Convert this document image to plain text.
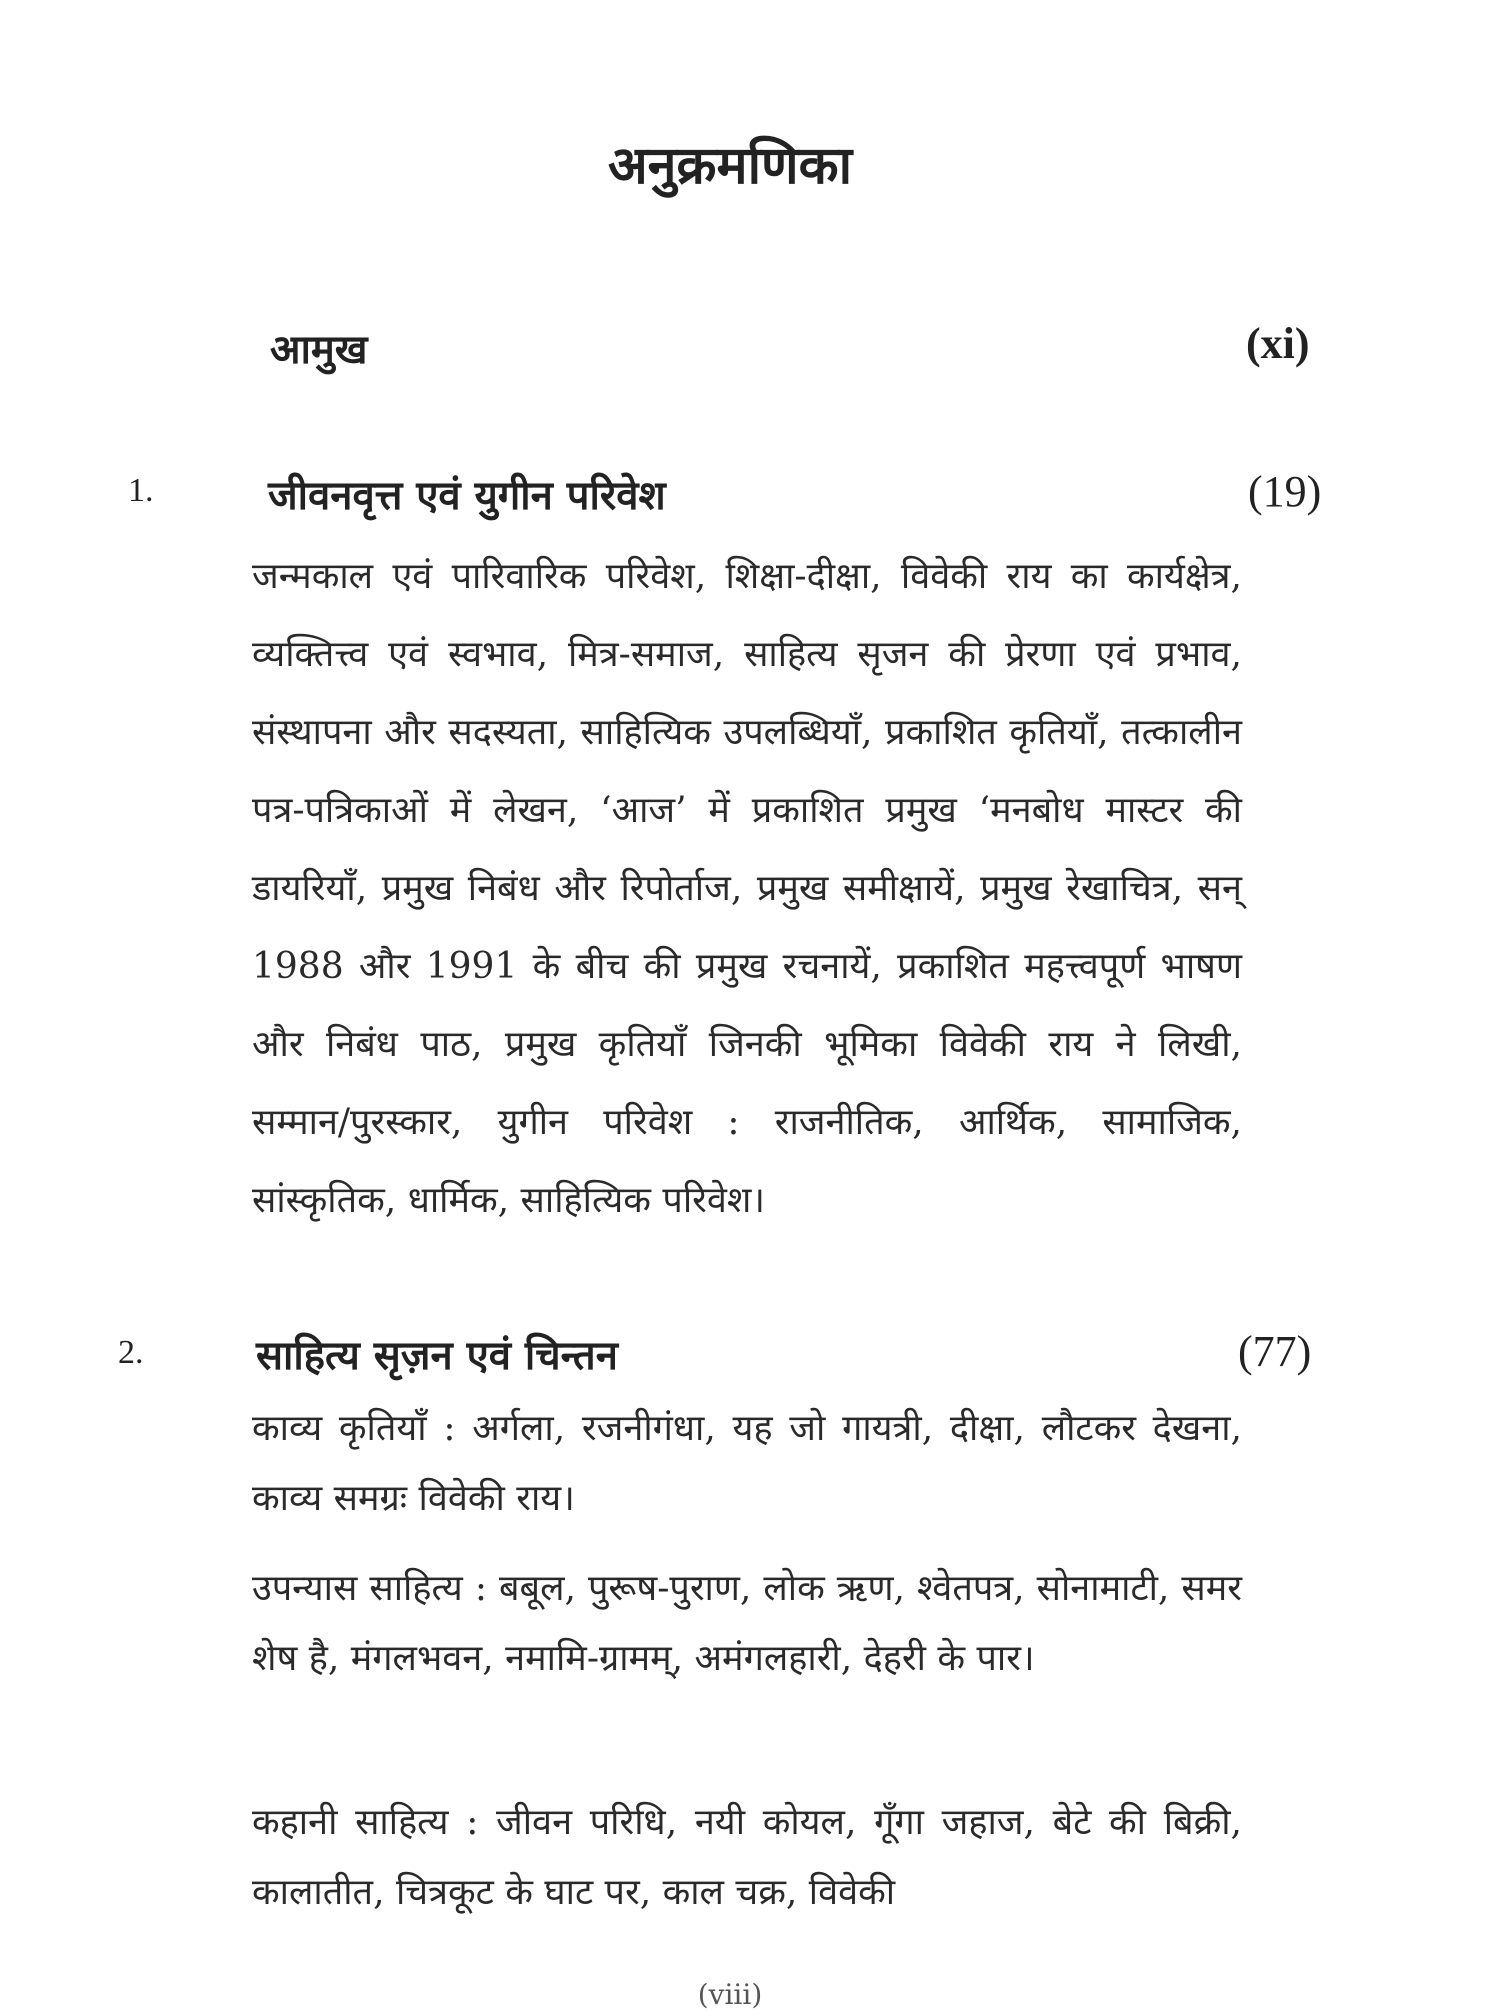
अनुक्रमणिका
आमुख	(xi)
1.	जीवनवृत्त एवं युगीन परिवेश	(19)
जन्मकाल एवं पारिवारिक परिवेश, शिक्षा-दीक्षा, विवेकी राय का कार्यक्षेत्र, व्यक्तित्त्व एवं स्वभाव, मित्र-समाज, साहित्य सृजन की प्रेरणा एवं प्रभाव, संस्थापना और सदस्यता, साहित्यिक उपलब्धियाँ, प्रकाशित कृतियाँ, तत्कालीन पत्र-पत्रिकाओं में लेखन, ‘आज’ में प्रकाशित प्रमुख ‘मनबोध मास्टर की डायरियाँ, प्रमुख निबंध और रिपोर्ताज, प्रमुख समीक्षायें, प्रमुख रेखाचित्र, सन् 1988 और 1991 के बीच की प्रमुख रचनायें, प्रकाशित महत्त्वपूर्ण भाषण और निबंध पाठ, प्रमुख कृतियाँ जिनकी भूमिका विवेकी राय ने लिखी, सम्मान/पुरस्कार, युगीन परिवेश : राजनीतिक, आर्थिक, सामाजिक, सांस्कृतिक, धार्मिक, साहित्यिक परिवेश।
2.	साहित्य सृज़न एवं चिन्तन	(77)
काव्य कृतियाँ : अर्गला, रजनीगंधा, यह जो गायत्री, दीक्षा, लौटकर देखना, काव्य समग्रः विवेकी राय।
उपन्यास साहित्य : बबूल, पुरूष-पुराण, लोक ऋण, श्वेतपत्र, सोनामाटी, समर शेष है, मंगलभवन, नमामि-ग्रामम्, अमंगलहारी, देहरी के पार।
कहानी साहित्य : जीवन परिधि, नयी कोयल, गूँगा जहाज, बेटे की बिक्री, कालातीत, चित्रकूट के घाट पर, काल चक्र, विवेकी
(viii)
